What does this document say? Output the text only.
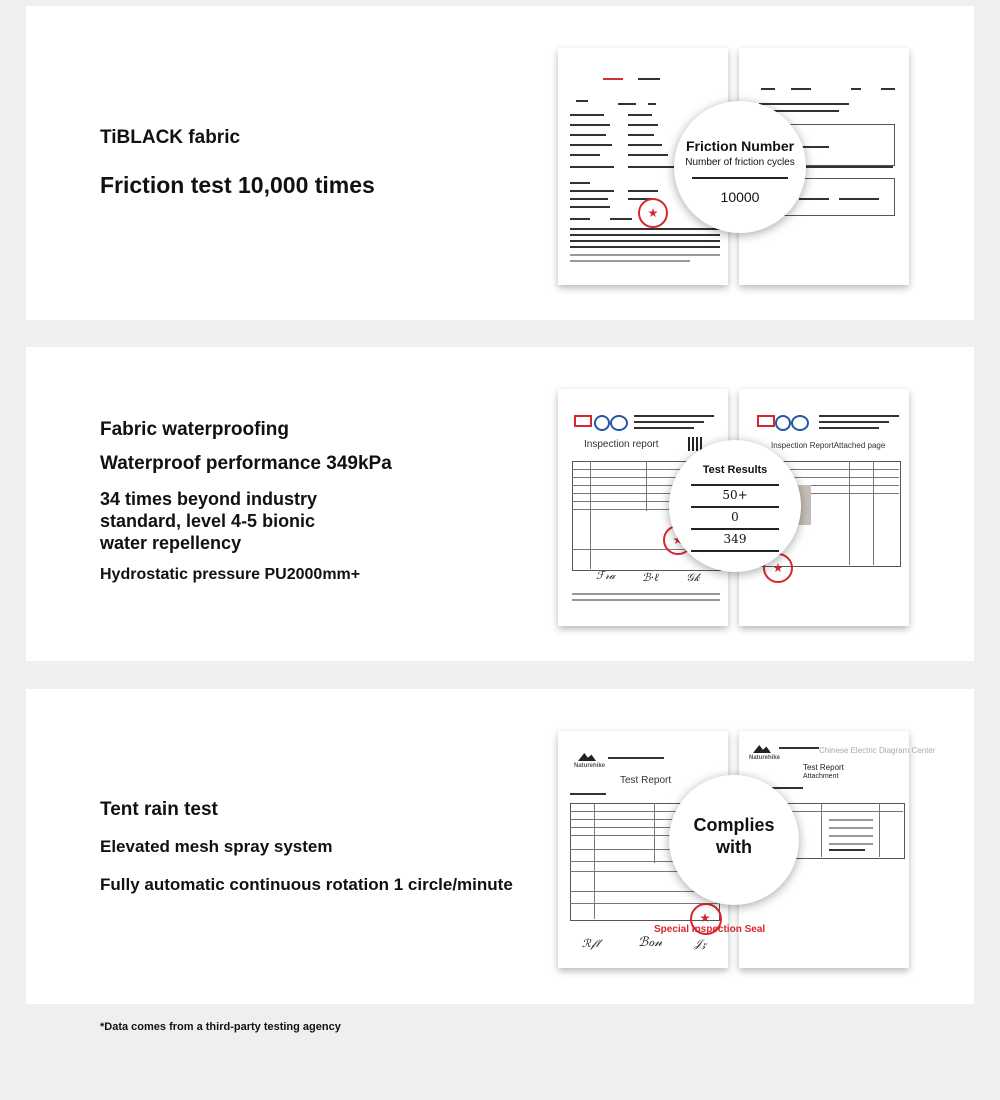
TiBLACK fabric
Friction test 10,000 times
Friction Number
Number of friction cycles
10000
Fabric waterproofing
Waterproof performance 349kPa
34 times beyond industry
standard, level 4-5 bionic
water repellency
Hydrostatic pressure PU2000mm+
Inspection report
ℱ𝓇𝒶 ℬ·ℓ 𝒢𝓀
Inspection ReportAttached page
Test Results
50+
0
349
Tent rain test
Elevated mesh spray system
Fully automatic continuous rotation 1 circle/minute
Naturehike
Test Report
ℛ𝒻𝓁	ℬℴ𝓃	𝒥𝓏
Naturehike
Chinese Electric Diagram Center
Test Report
Attachment
Complies
with
Special Inspection Seal
*Data comes from a third-party testing agency
